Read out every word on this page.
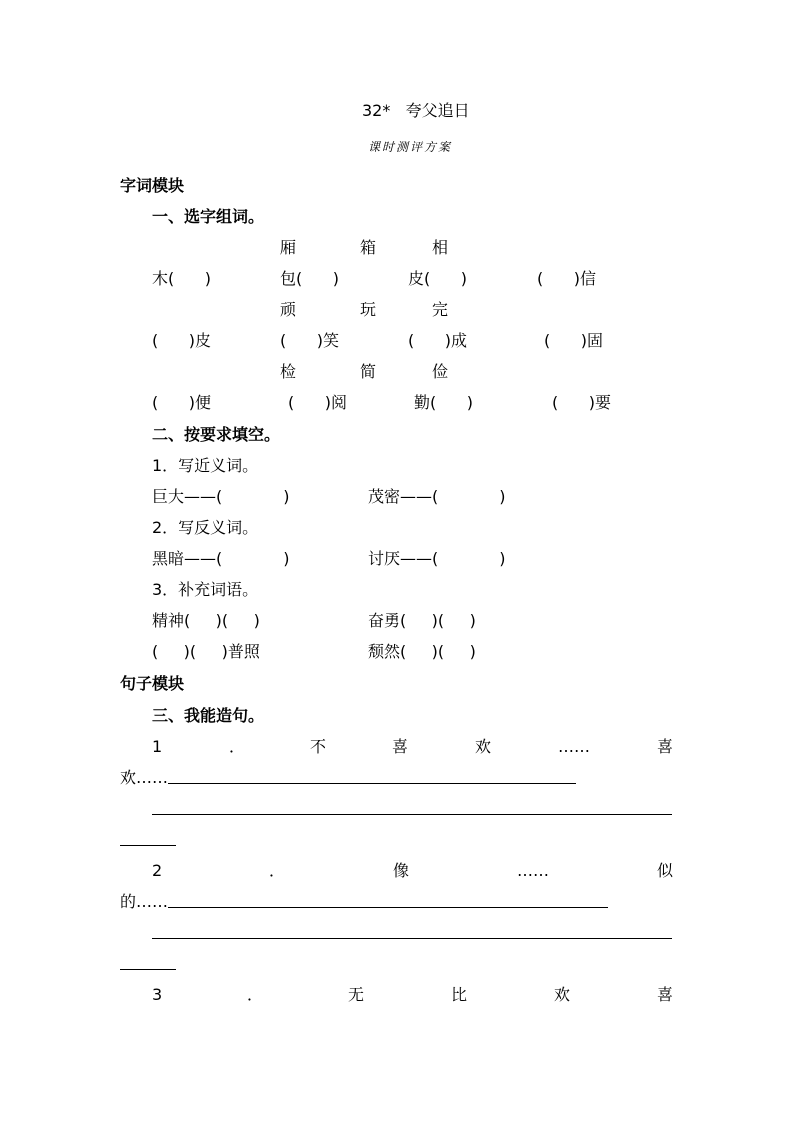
32*   夸父追日
课时测评方案
字词模块
一、选字组词。
厢	箱	相
木(      )	包(      )	皮(      )	(      )信
顽	玩	完
(      )皮	(      )笑	(      )成	(      )固
检	简	俭
(      )便	(      )阅	勤(      )	(      )要
二、按要求填空。
1．写近义词。
巨大——(            )	茂密——(            )
2．写反义词。
黑暗——(            )	讨厌——(            )
3．补充词语。
精神(     )(     )	奋勇(     )(     )
(     )(     )普照	颓然(     )(     )
句子模块
三、我能造句。
1	．	不	喜	欢	……	喜
欢……
2	．	像	……	似
的……
3	．	无	比	欢	喜
